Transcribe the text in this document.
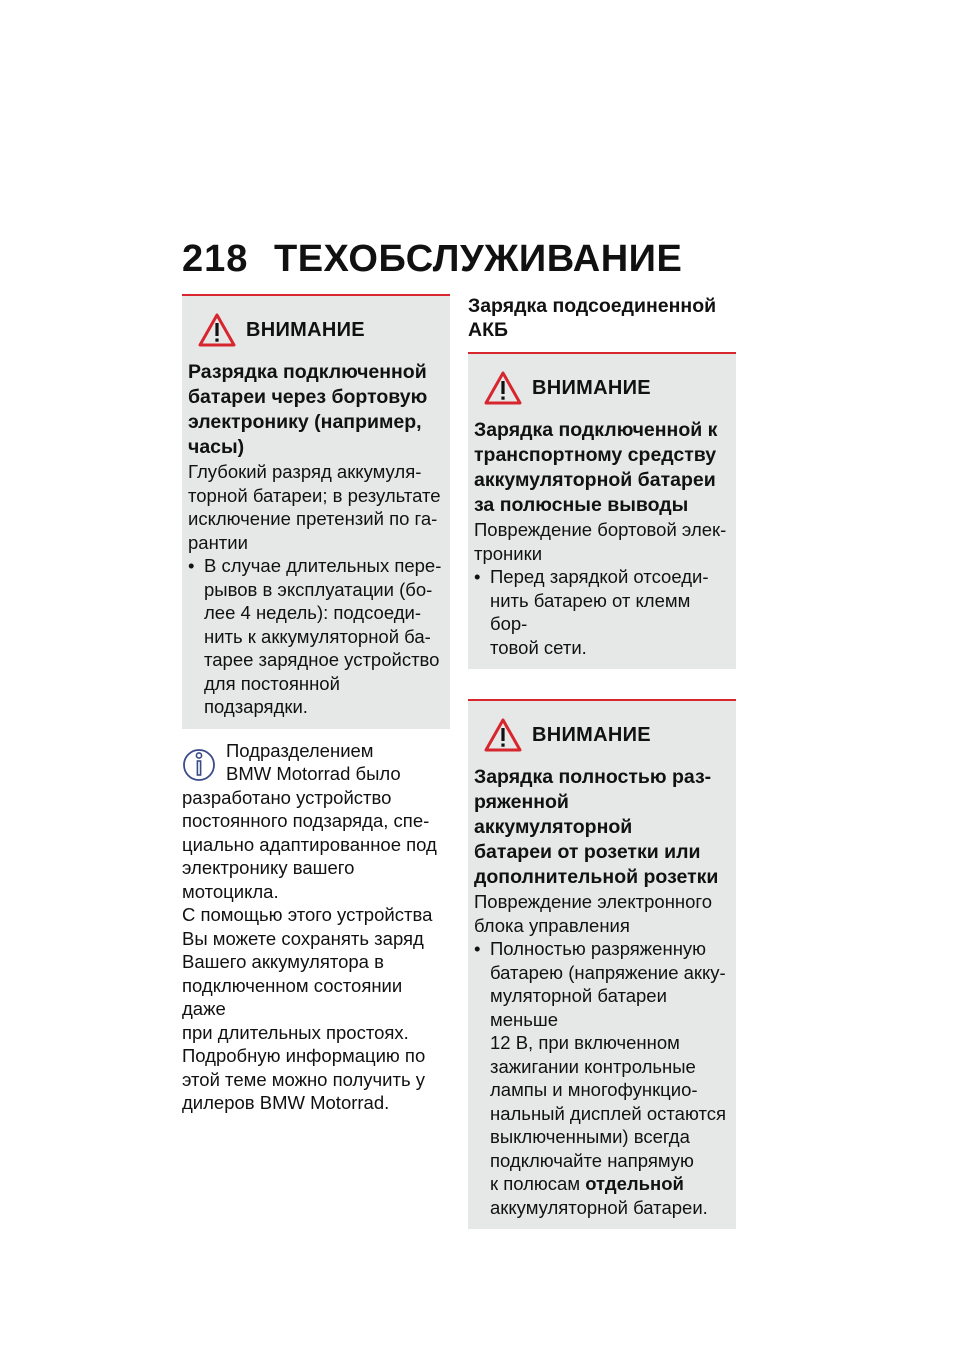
218 ТЕХОБСЛУЖИВАНИЕ
ВНИМАНИЕ

Разрядка подключенной
батареи через бортовую
электронику (например,
часы)

Глубокий разряд аккумуля-
торной батареи; в результате
исключение претензий по га-
рантии

• В случае длительных пере-
рывов в эксплуатации (бо-
лее 4 недель): подсоеди-
нить к аккумуляторной ба-
тарее зарядное устройство
для постоянной подзарядки.

Подразделением
BMW Motorrad было
разработано устройство
постоянного подзаряда, спе-
циально адаптированное под
электронику вашего мотоцикла.
С помощью этого устройства
Вы можете сохранять заряд
Вашего аккумулятора в
подключенном состоянии даже
при длительных простоях.
Подробную информацию по
этой теме можно получить у
дилеров BMW Motorrad.
Зарядка подсоединенной
АКБ
ВНИМАНИЕ

Зарядка подключенной к
транспортному средству
аккумуляторной батареи
за полюсные выводы

Повреждение бортовой элек-
троники

• Перед зарядкой отсоеди-
нить батарею от клемм бор-
товой сети.

ВНИМАНИЕ

Зарядка полностью раз-
ряженной аккумуляторной
батареи от розетки или
дополнительной розетки

Повреждение электронного
блока управления

• Полностью разряженную
батарею (напряжение акку-
муляторной батареи меньше
12 В, при включенном
зажигании контрольные
лампы и многофункцио-
нальный дисплей остаются
выключенными) всегда
подключайте напрямую
к полюсам отдельной
аккумуляторной батареи.
